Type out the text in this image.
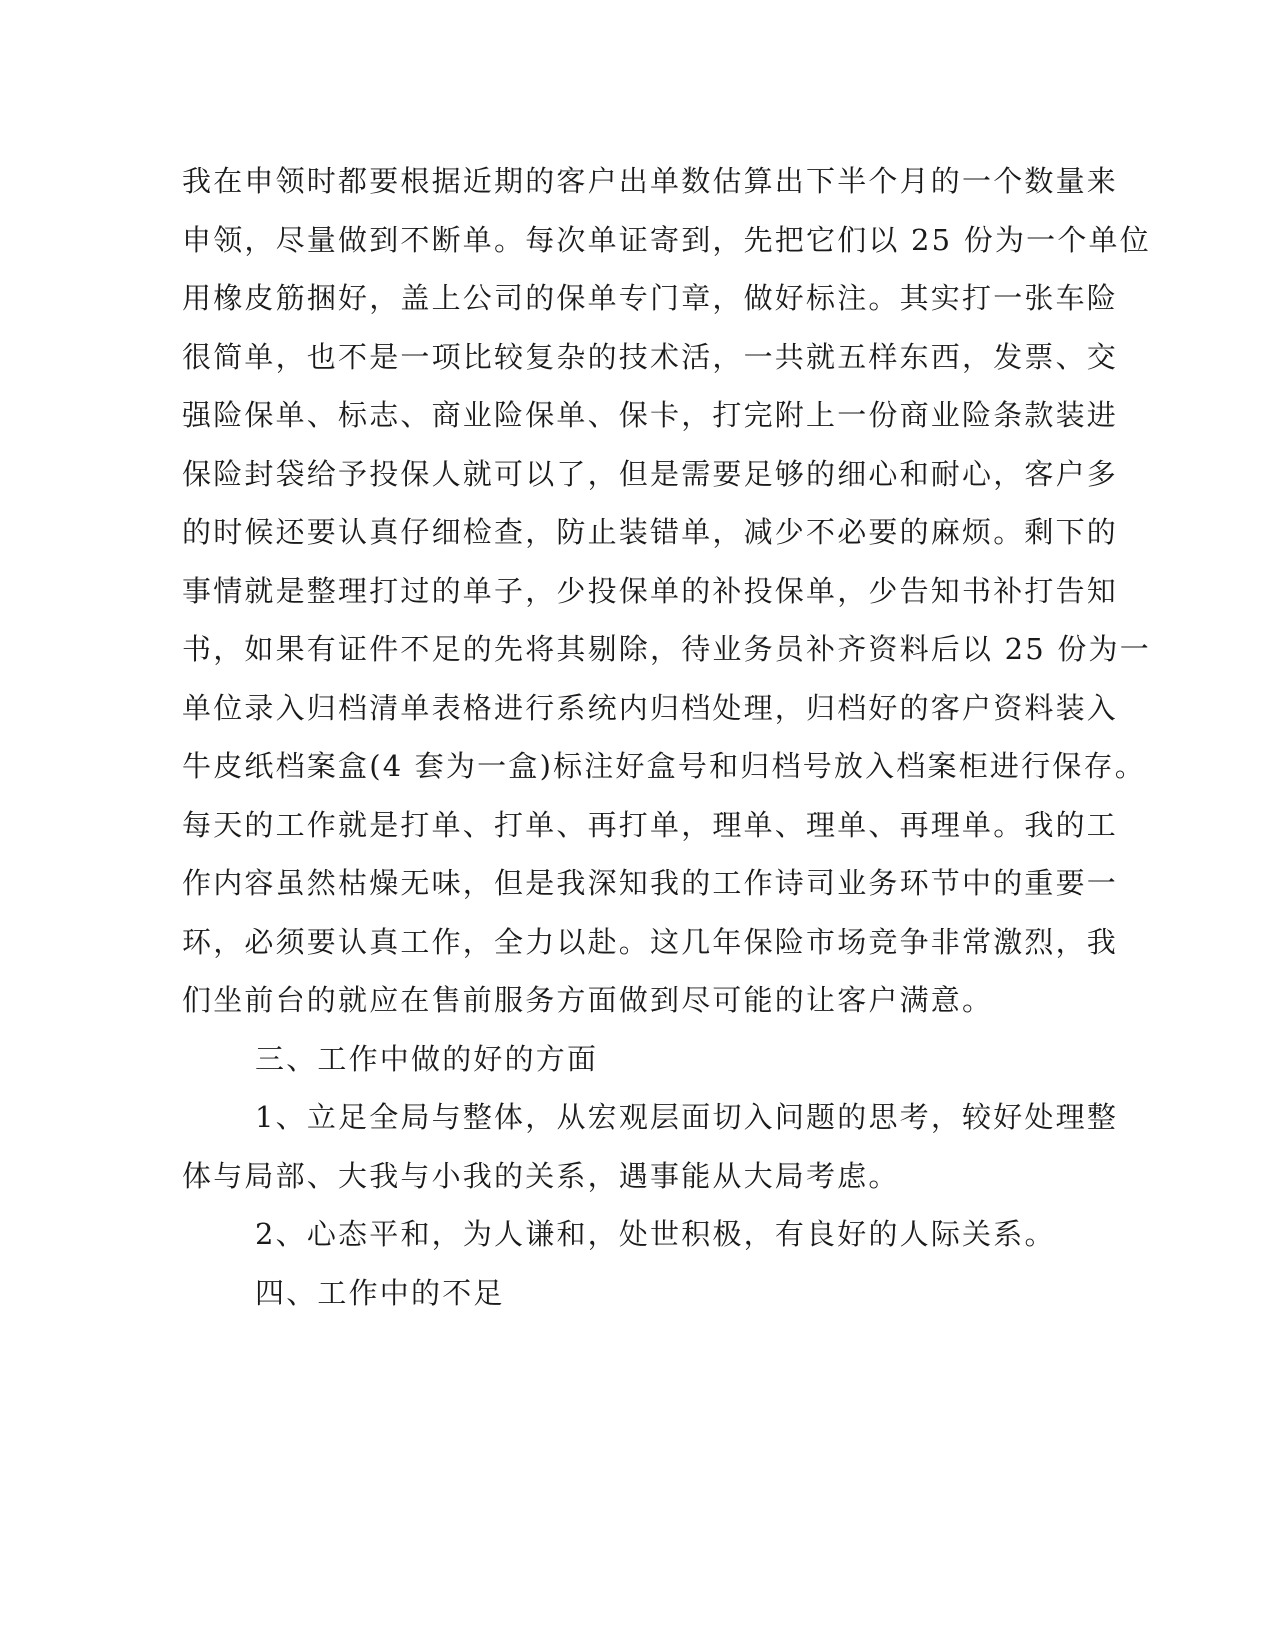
我在申领时都要根据近期的客户出单数估算出下半个月的一个数量来
申领，尽量做到不断单。每次单证寄到，先把它们以 25 份为一个单位
用橡皮筋捆好，盖上公司的保单专门章，做好标注。其实打一张车险
很简单，也不是一项比较复杂的技术活，一共就五样东西，发票、交
强险保单、标志、商业险保单、保卡，打完附上一份商业险条款装进
保险封袋给予投保人就可以了，但是需要足够的细心和耐心，客户多
的时候还要认真仔细检查，防止装错单，减少不必要的麻烦。剩下的
事情就是整理打过的单子，少投保单的补投保单，少告知书补打告知
书，如果有证件不足的先将其剔除，待业务员补齐资料后以 25 份为一
单位录入归档清单表格进行系统内归档处理，归档好的客户资料装入
牛皮纸档案盒(4 套为一盒)标注好盒号和归档号放入档案柜进行保存。
每天的工作就是打单、打单、再打单，理单、理单、再理单。我的工
作内容虽然枯燥无味，但是我深知我的工作诗司业务环节中的重要一
环，必须要认真工作，全力以赴。这几年保险市场竞争非常激烈，我
们坐前台的就应在售前服务方面做到尽可能的让客户满意。
三、工作中做的好的方面
1、立足全局与整体，从宏观层面切入问题的思考，较好处理整
体与局部、大我与小我的关系，遇事能从大局考虑。
2、心态平和，为人谦和，处世积极，有良好的人际关系。
四、工作中的不足
